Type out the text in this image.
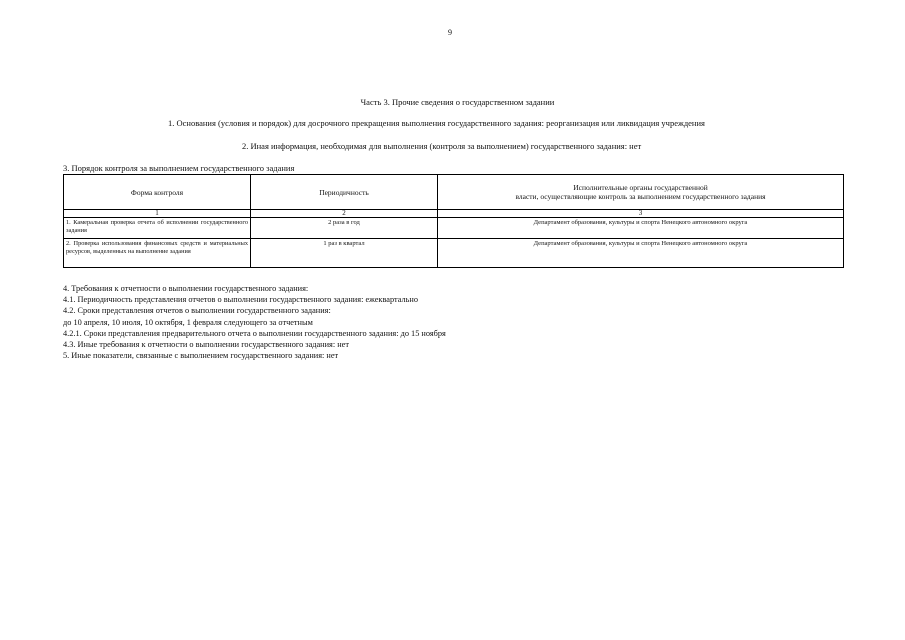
9
Часть 3. Прочие сведения о государственном задании
1. Основания (условия и порядок) для досрочного прекращения выполнения государственного задания: реорганизация или ликвидация учреждения
2. Иная информация, необходимая для выполнения (контроля за выполнением) государственного задания: нет
3. Порядок контроля за выполнением государственного задания
Форма контроля	Периодичность	Исполнительные органы государственной
власти, осуществляющие контроль за выполнением государственного задания

1	2	3
1. Камеральная проверка отчета об исполнении государственного задания	2 раза в год	Департамент образования, культуры и спорта Ненецкого автономного округа
2. Проверка использования финансовых средств и материальных ресурсов, выделенных на выполнение задания	1 раз в квартал	Департамент образования, культуры и спорта Ненецкого автономного округа
4. Требования к отчетности о выполнении государственного задания:
4.1. Периодичность представления отчетов о выполнении государственного задания: ежеквартально
4.2. Сроки представления отчетов о выполнении государственного задания:
до 10 апреля, 10 июля, 10 октября, 1 февраля следующего за отчетным
4.2.1. Сроки представления предварительного отчета о выполнении государственного задания: до 15 ноября
4.3. Иные требования к отчетности о выполнении государственного задания: нет
5. Иные показатели, связанные с выполнением государственного задания: нет
